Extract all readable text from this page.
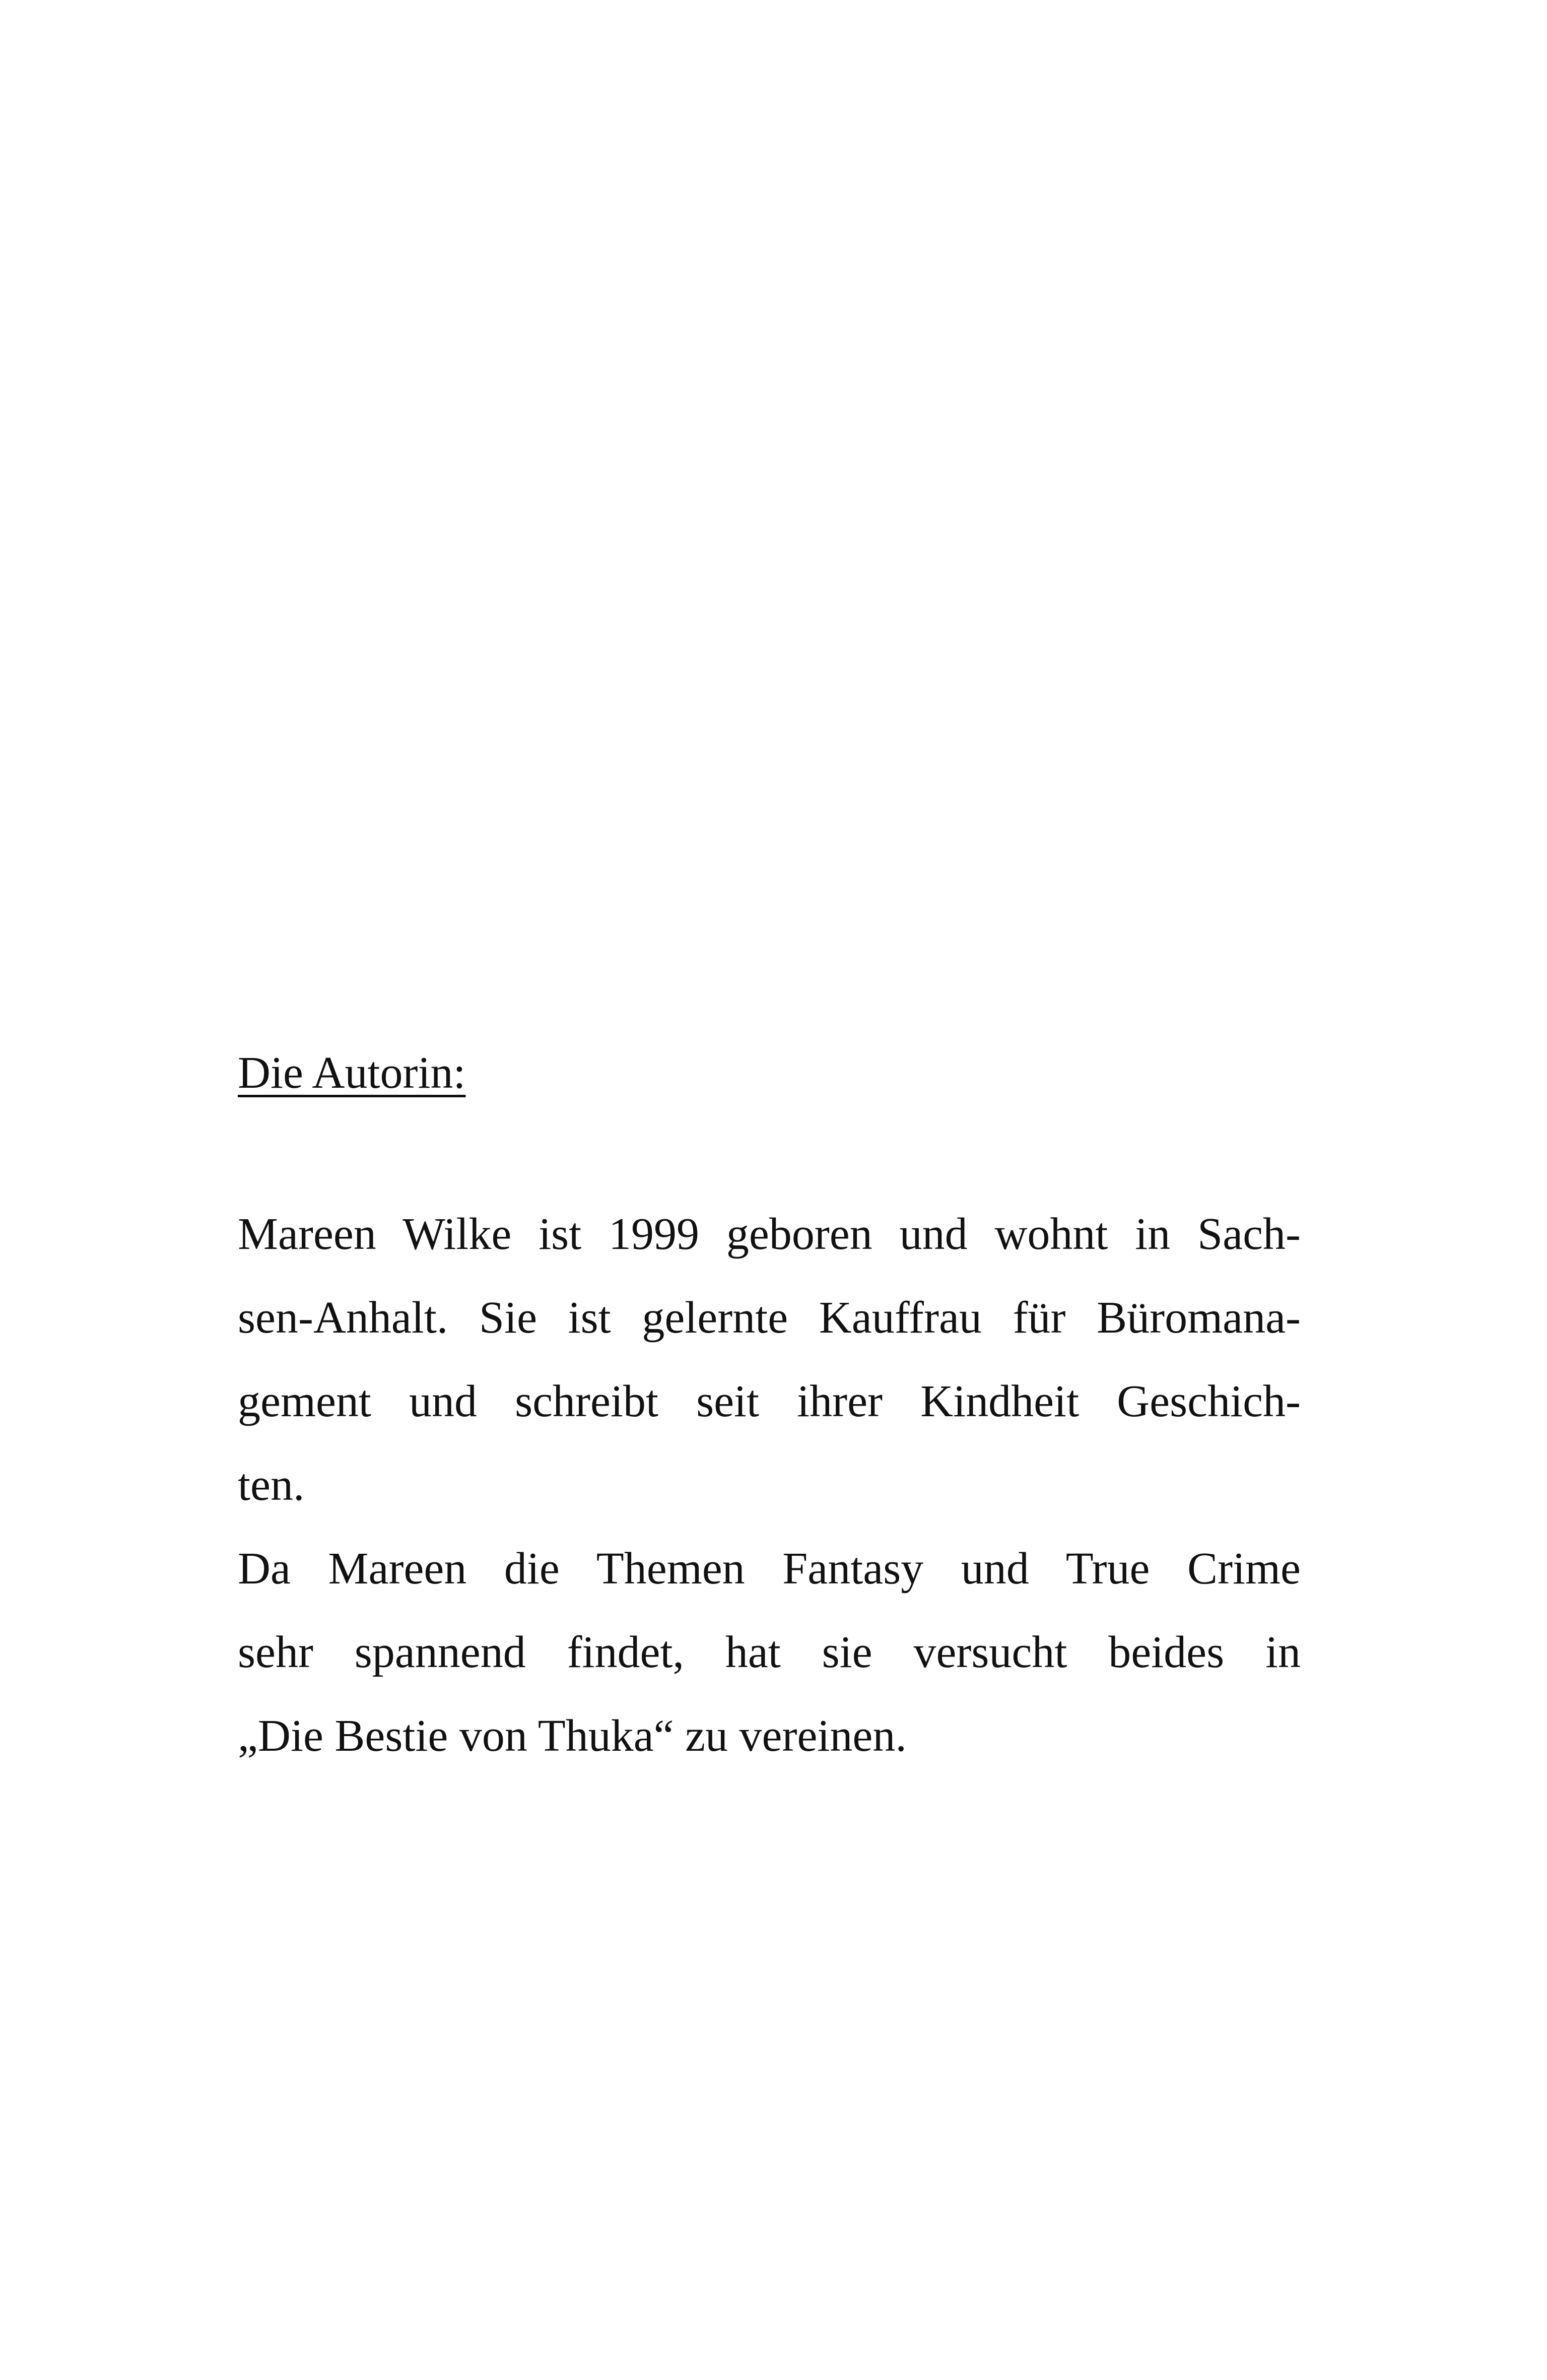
Die Autorin:
Mareen Wilke ist 1999 geboren und wohnt in Sach-
sen-Anhalt. Sie ist gelernte Kauffrau für Büromana-
gement und schreibt seit ihrer Kindheit Geschich-
ten.
Da Mareen die Themen Fantasy und True Crime
sehr spannend findet, hat sie versucht beides in
„Die Bestie von Thuka“ zu vereinen.
